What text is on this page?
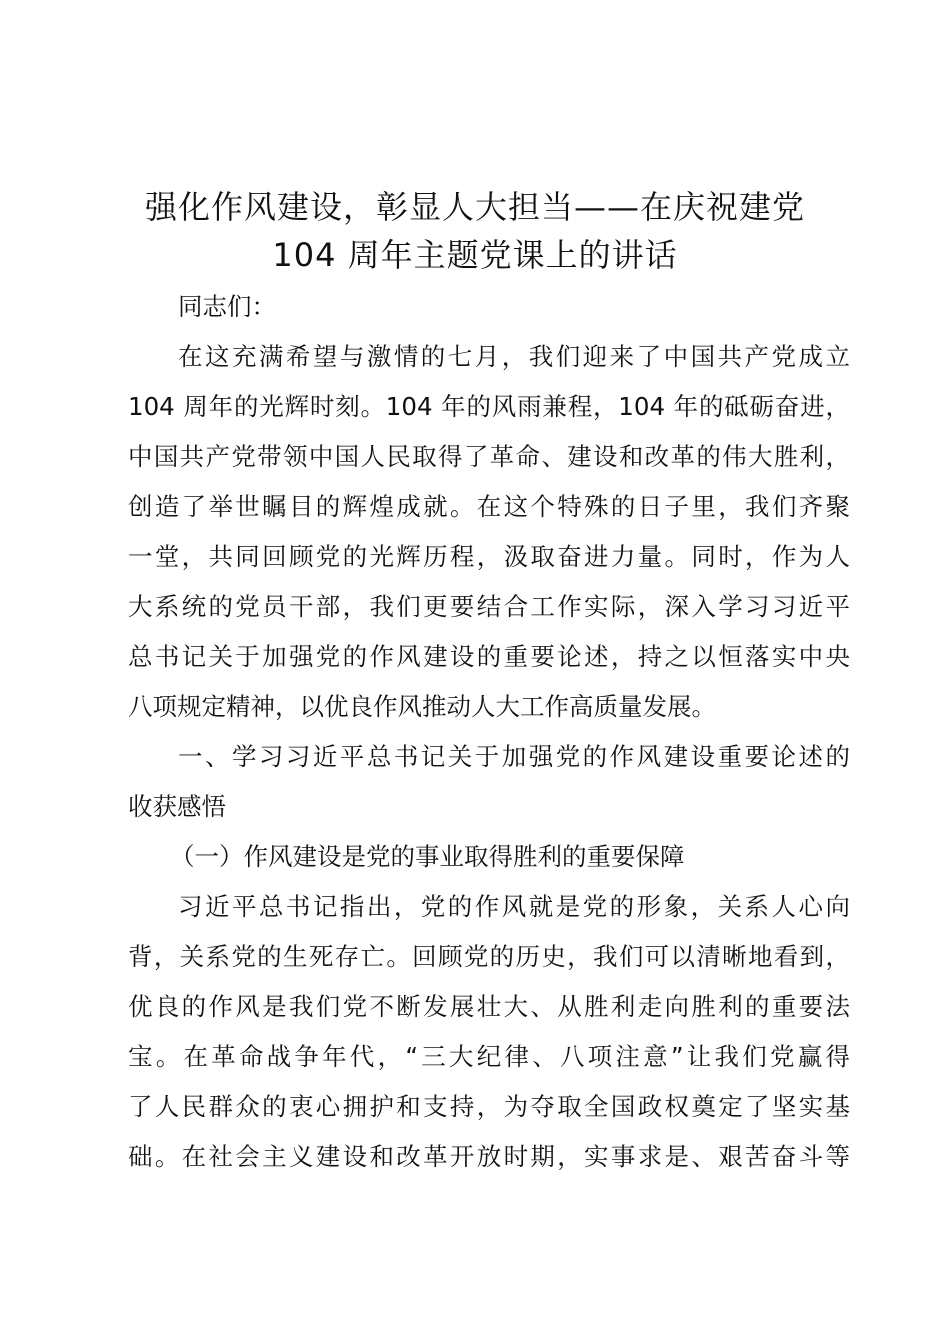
强化作风建设，彰显人大担当——在庆祝建党
104 周年主题党课上的讲话

同志们：

在这充满希望与激情的七月，我们迎来了中国共产党成立

104 周年的光辉时刻。104 年的风雨兼程，104 年的砥砺奋进，

中国共产党带领中国人民取得了革命、建设和改革的伟大胜利，

创造了举世瞩目的辉煌成就。在这个特殊的日子里，我们齐聚

一堂，共同回顾党的光辉历程，汲取奋进力量。同时，作为人

大系统的党员干部，我们更要结合工作实际，深入学习习近平

总书记关于加强党的作风建设的重要论述，持之以恒落实中央

八项规定精神，以优良作风推动人大工作高质量发展。

一、学习习近平总书记关于加强党的作风建设重要论述的

收获感悟

（一）作风建设是党的事业取得胜利的重要保障

习近平总书记指出，党的作风就是党的形象，关系人心向

背，关系党的生死存亡。回顾党的历史，我们可以清晰地看到，

优良的作风是我们党不断发展壮大、从胜利走向胜利的重要法

宝。在革命战争年代，“三大纪律、八项注意”让我们党赢得

了人民群众的衷心拥护和支持，为夺取全国政权奠定了坚实基

础。在社会主义建设和改革开放时期，实事求是、艰苦奋斗等
